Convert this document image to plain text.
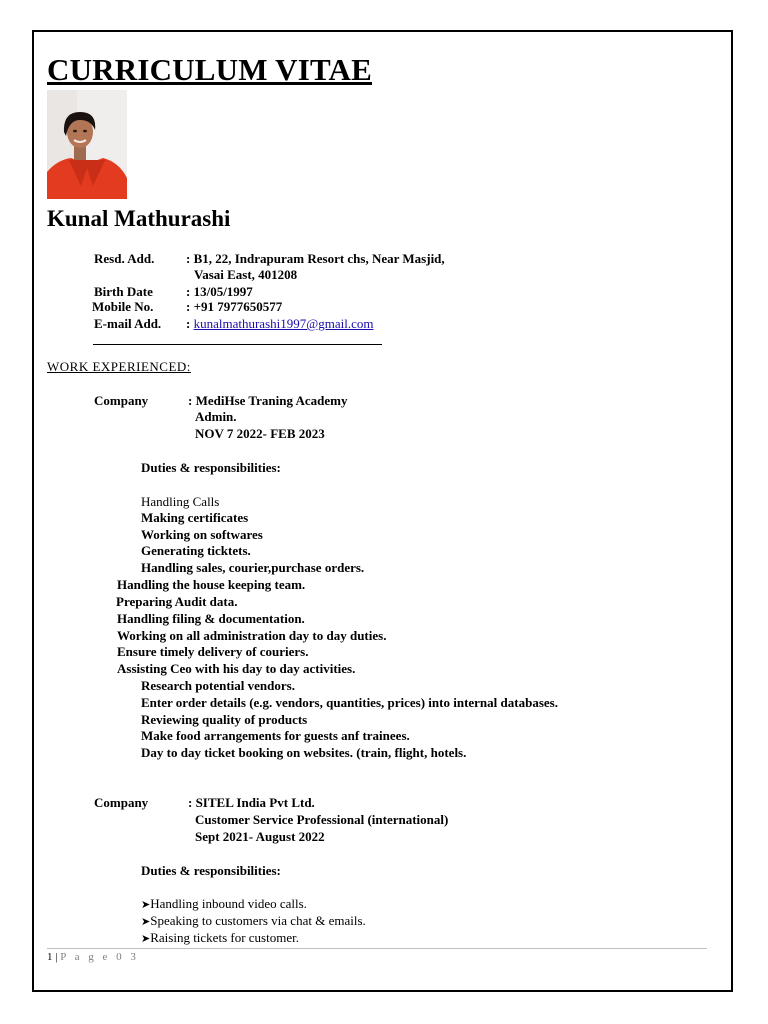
CURRICULUM VITAE
Kunal Mathurashi
Resd. Add. : B1, 22, Indrapuram Resort chs, Near Masjid,
Vasai East, 401208
Birth Date	: 13/05/1997
Mobile No.	: +91 7977650577
E-mail Add. : kunalmathurashi1997@gmail.com
WORK EXPERIENCED:
Company	: MediHse Traning Academy
Admin.
NOV 7 2022- FEB 2023
Duties & responsibilities:
Handling Calls
Making certificates
Working on softwares
Generating ticktets.
Handling sales, courier,purchase orders.
Handling the house keeping team.
Preparing Audit data.
Handling filing & documentation.
Working on all administration day to day duties.
Ensure timely delivery of couriers.
Assisting Ceo with his day to day activities.
Research potential vendors.
Enter order details (e.g. vendors, quantities, prices) into internal databases.
Reviewing quality of products
Make food arrangements for guests anf trainees.
Day to day ticket booking on websites. (train, flight, hotels.
Company	: SITEL India Pvt Ltd.
Customer Service Professional (international)
Sept 2021- August 2022
Duties & responsibilities:
➤Handling inbound video calls.
➤Speaking to customers via chat & emails.
➤Raising tickets for customer.
1 | P a g e 0 3
